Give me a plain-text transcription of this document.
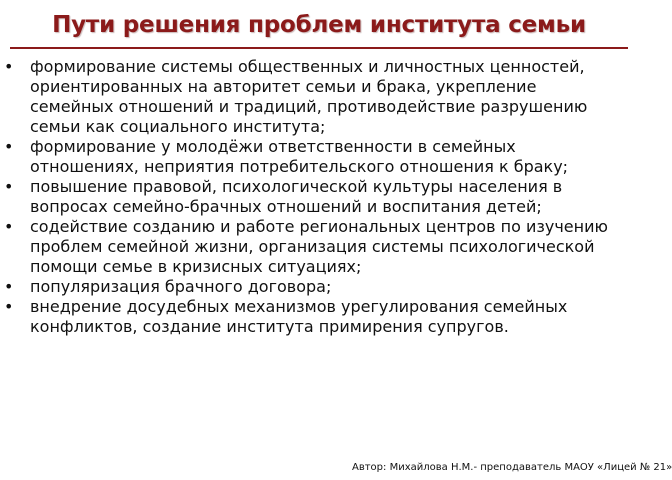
Пути решения проблем института семьи
• формирование системы общественных и личностных ценностей, ориентированных на авторитет семьи и брака, укрепление семейных отношений и традиций, противодействие разрушению семьи как социального института;
• формирование у молодёжи ответственности в семейных отношениях, неприятия потребительского отношения к браку;
• повышение правовой, психологической культуры населения в вопросах семейно-брачных отношений и воспитания детей;
• содействие созданию и работе региональных центров по изучению проблем семейной жизни, организация системы психологической помощи семье в кризисных ситуациях;
• популяризация брачного договора;
• внедрение досудебных механизмов урегулирования семейных конфликтов, создание института примирения супругов.
Автор: Михайлова Н.М.- преподаватель МАОУ «Лицей № 21»
